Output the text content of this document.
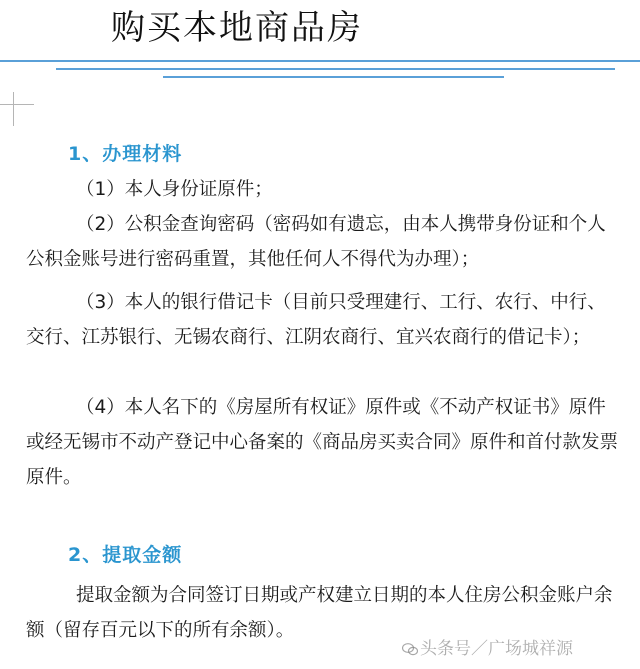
购买本地商品房
1、办理材料
（1）本人身份证原件；
（2）公积金查询密码（密码如有遗忘，由本人携带身份证和个人公积金账号进行密码重置，其他任何人不得代为办理）；
（3）本人的银行借记卡（目前只受理建行、工行、农行、中行、交行、江苏银行、无锡农商行、江阴农商行、宜兴农商行的借记卡）；
（4）本人名下的《房屋所有权证》原件或《不动产权证书》原件或经无锡市不动产登记中心备案的《商品房买卖合同》原件和首付款发票原件。
2、提取金额
提取金额为合同签订日期或产权建立日期的本人住房公积金账户余额（留存百元以下的所有余额）。
头条号／广场城祥源
